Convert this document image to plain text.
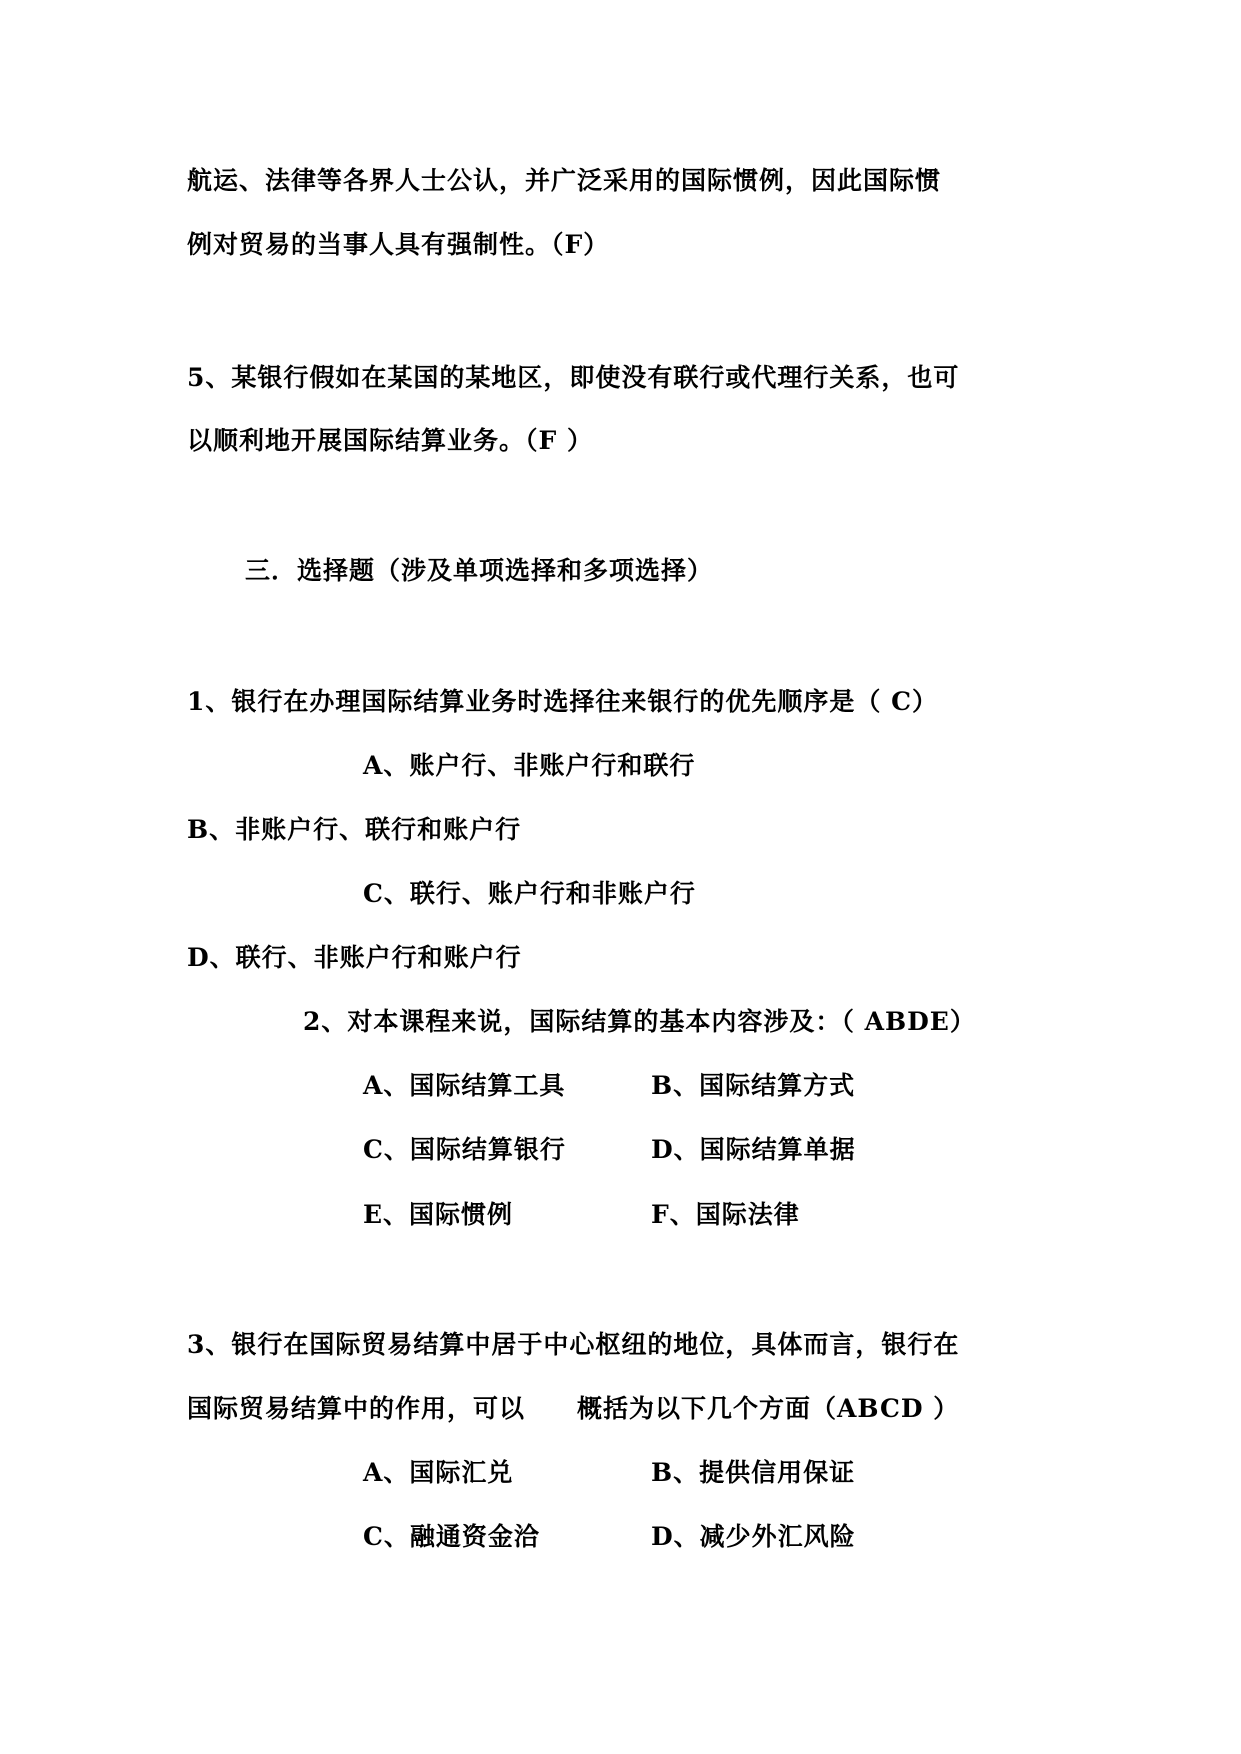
航运、法律等各界人士公认，并广泛采用的国际惯例，因此国际惯
例对贸易的当事人具有强制性。（F）
5、某银行假如在某国的某地区，即使没有联行或代理行关系，也可
以顺利地开展国际结算业务。（F ）
三．选择题（涉及单项选择和多项选择）
1、银行在办理国际结算业务时选择往来银行的优先顺序是（ C）
A、账户行、非账户行和联行
B、非账户行、联行和账户行
C、联行、账户行和非账户行
D、联行、非账户行和账户行
2、对本课程来说，国际结算的基本内容涉及：（ ABDE）
A、国际结算工具	B、国际结算方式
C、国际结算银行	D、国际结算单据
E、国际惯例	F、国际法律
3、银行在国际贸易结算中居于中心枢纽的地位，具体而言，银行在
国际贸易结算中的作用，可以　　概括为以下几个方面（ABCD ）
A、国际汇兑	B、提供信用保证
C、融通资金洽	D、减少外汇风险
